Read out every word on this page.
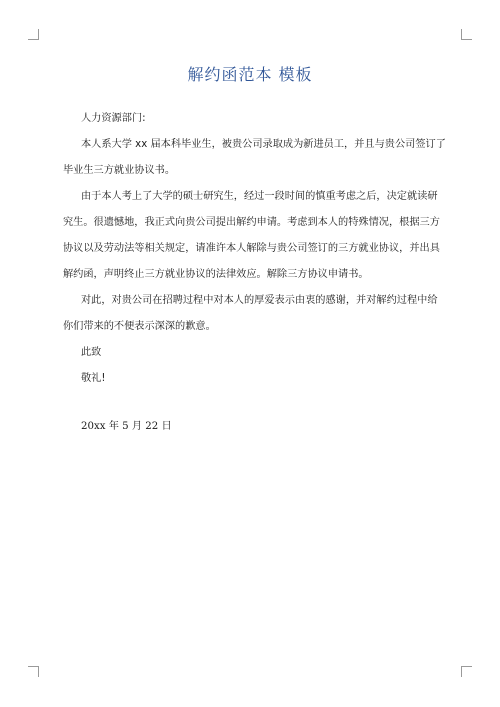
解约函范本 模板
人力资源部门:
本人系大学 xx 届本科毕业生，被贵公司录取成为新进员工，并且与贵公司签订了
毕业生三方就业协议书。
由于本人考上了大学的硕士研究生，经过一段时间的慎重考虑之后，决定就读研
究生。很遗憾地，我正式向贵公司提出解约申请。考虑到本人的特殊情况，根据三方
协议以及劳动法等相关规定，请准许本人解除与贵公司签订的三方就业协议，并出具
解约函，声明终止三方就业协议的法律效应。解除三方协议申请书。
对此，对贵公司在招聘过程中对本人的厚爱表示由衷的感谢，并对解约过程中给
你们带来的不便表示深深的歉意。
此致
敬礼!
20xx 年 5 月 22 日
